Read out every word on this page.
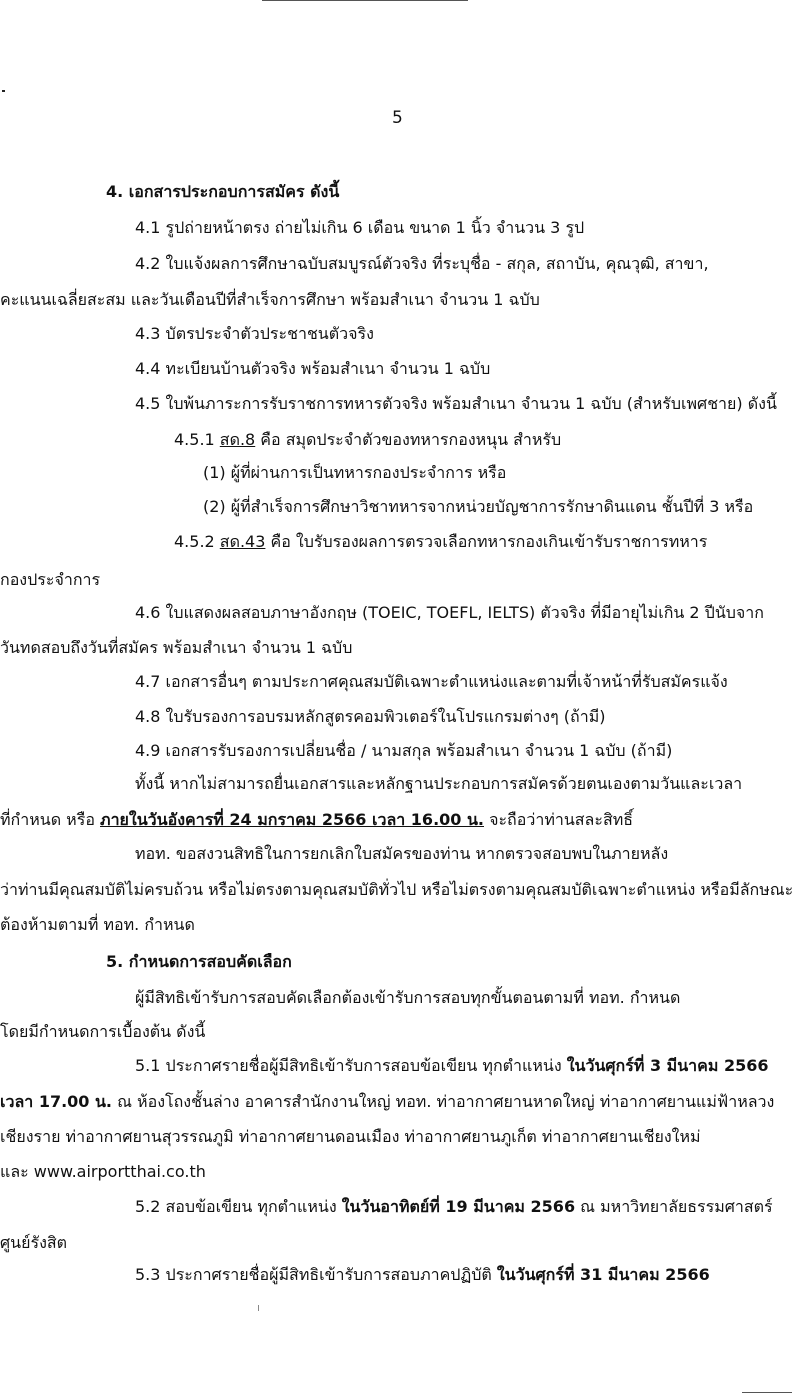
5
4. เอกสารประกอบการสมัคร ดังนี้
4.1 รูปถ่ายหน้าตรง ถ่ายไม่เกิน 6 เดือน ขนาด 1 นิ้ว จำนวน 3 รูป
4.2 ใบแจ้งผลการศึกษาฉบับสมบูรณ์ตัวจริง ที่ระบุชื่อ - สกุล, สถาบัน, คุณวุฒิ, สาขา,
คะแนนเฉลี่ยสะสม และวันเดือนปีที่สำเร็จการศึกษา พร้อมสำเนา จำนวน 1 ฉบับ
4.3 บัตรประจำตัวประชาชนตัวจริง
4.4 ทะเบียนบ้านตัวจริง พร้อมสำเนา จำนวน 1 ฉบับ
4.5 ใบพ้นภาระการรับราชการทหารตัวจริง พร้อมสำเนา จำนวน 1 ฉบับ (สำหรับเพศชาย) ดังนี้
4.5.1 สด.8 คือ สมุดประจำตัวของทหารกองหนุน สำหรับ
(1) ผู้ที่ผ่านการเป็นทหารกองประจำการ หรือ
(2) ผู้ที่สำเร็จการศึกษาวิชาทหารจากหน่วยบัญชาการรักษาดินแดน ชั้นปีที่ 3 หรือ
4.5.2 สด.43 คือ ใบรับรองผลการตรวจเลือกทหารกองเกินเข้ารับราชการทหาร
กองประจำการ
4.6 ใบแสดงผลสอบภาษาอังกฤษ (TOEIC, TOEFL, IELTS) ตัวจริง ที่มีอายุไม่เกิน 2 ปีนับจาก
วันทดสอบถึงวันที่สมัคร พร้อมสำเนา จำนวน 1 ฉบับ
4.7 เอกสารอื่นๆ ตามประกาศคุณสมบัติเฉพาะตำแหน่งและตามที่เจ้าหน้าที่รับสมัครแจ้ง
4.8 ใบรับรองการอบรมหลักสูตรคอมพิวเตอร์ในโปรแกรมต่างๆ (ถ้ามี)
4.9 เอกสารรับรองการเปลี่ยนชื่อ / นามสกุล พร้อมสำเนา จำนวน 1 ฉบับ (ถ้ามี)
ทั้งนี้ หากไม่สามารถยื่นเอกสารและหลักฐานประกอบการสมัครด้วยตนเองตามวันและเวลา
ที่กำหนด หรือ ภายในวันอังคารที่ 24 มกราคม 2566 เวลา 16.00 น. จะถือว่าท่านสละสิทธิ์
ทอท. ขอสงวนสิทธิในการยกเลิกใบสมัครของท่าน หากตรวจสอบพบในภายหลัง
ว่าท่านมีคุณสมบัติไม่ครบถ้วน หรือไม่ตรงตามคุณสมบัติทั่วไป หรือไม่ตรงตามคุณสมบัติเฉพาะตำแหน่ง หรือมีลักษณะ
ต้องห้ามตามที่ ทอท. กำหนด
5. กำหนดการสอบคัดเลือก
ผู้มีสิทธิเข้ารับการสอบคัดเลือกต้องเข้ารับการสอบทุกขั้นตอนตามที่ ทอท. กำหนด
โดยมีกำหนดการเบื้องต้น ดังนี้
5.1 ประกาศรายชื่อผู้มีสิทธิเข้ารับการสอบข้อเขียน ทุกตำแหน่ง ในวันศุกร์ที่ 3 มีนาคม 2566
เวลา 17.00 น. ณ ห้องโถงชั้นล่าง อาคารสำนักงานใหญ่ ทอท. ท่าอากาศยานหาดใหญ่ ท่าอากาศยานแม่ฟ้าหลวง
เชียงราย ท่าอากาศยานสุวรรณภูมิ ท่าอากาศยานดอนเมือง ท่าอากาศยานภูเก็ต ท่าอากาศยานเชียงใหม่
และ www.airportthai.co.th
5.2 สอบข้อเขียน ทุกตำแหน่ง ในวันอาทิตย์ที่ 19 มีนาคม 2566 ณ มหาวิทยาลัยธรรมศาสตร์
ศูนย์รังสิต
5.3 ประกาศรายชื่อผู้มีสิทธิเข้ารับการสอบภาคปฏิบัติ ในวันศุกร์ที่ 31 มีนาคม 2566
